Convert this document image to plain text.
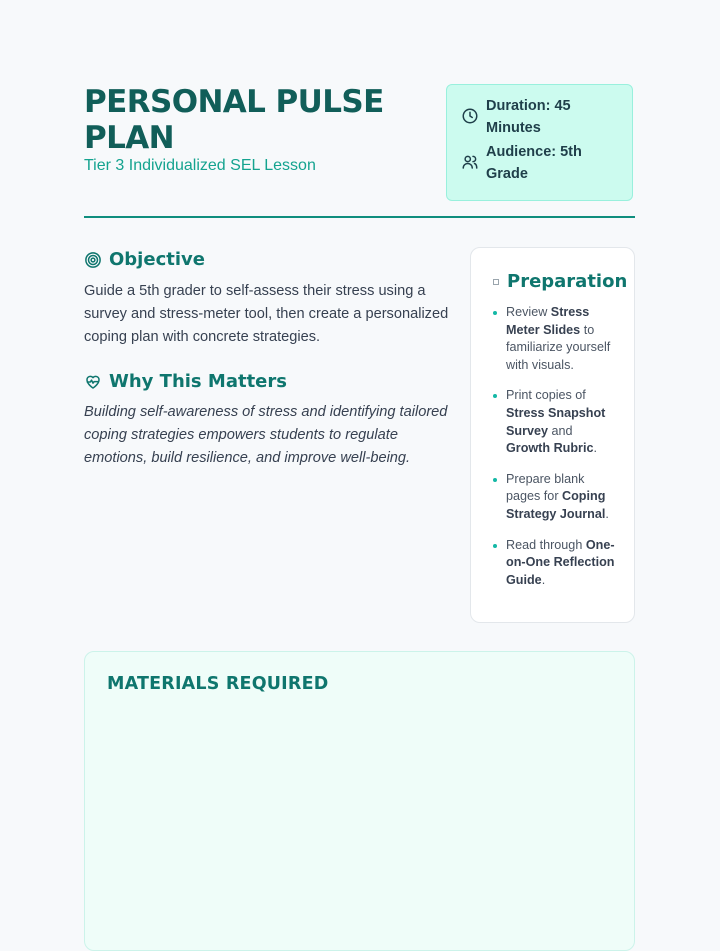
PERSONAL PULSE PLAN
Tier 3 Individualized SEL Lesson
Duration: 45 Minutes
Audience: 5th Grade
Objective
Guide a 5th grader to self-assess their stress using a survey and stress-meter tool, then create a personalized coping plan with concrete strategies.
Why This Matters
Building self-awareness of stress and identifying tailored coping strategies empowers students to regulate emotions, build resilience, and improve well-being.
Preparation
Review Stress Meter Slides to familiarize yourself with visuals.
Print copies of Stress Snapshot Survey and Growth Rubric.
Prepare blank pages for Coping Strategy Journal.
Read through One-on-One Reflection Guide.
MATERIALS REQUIRED
